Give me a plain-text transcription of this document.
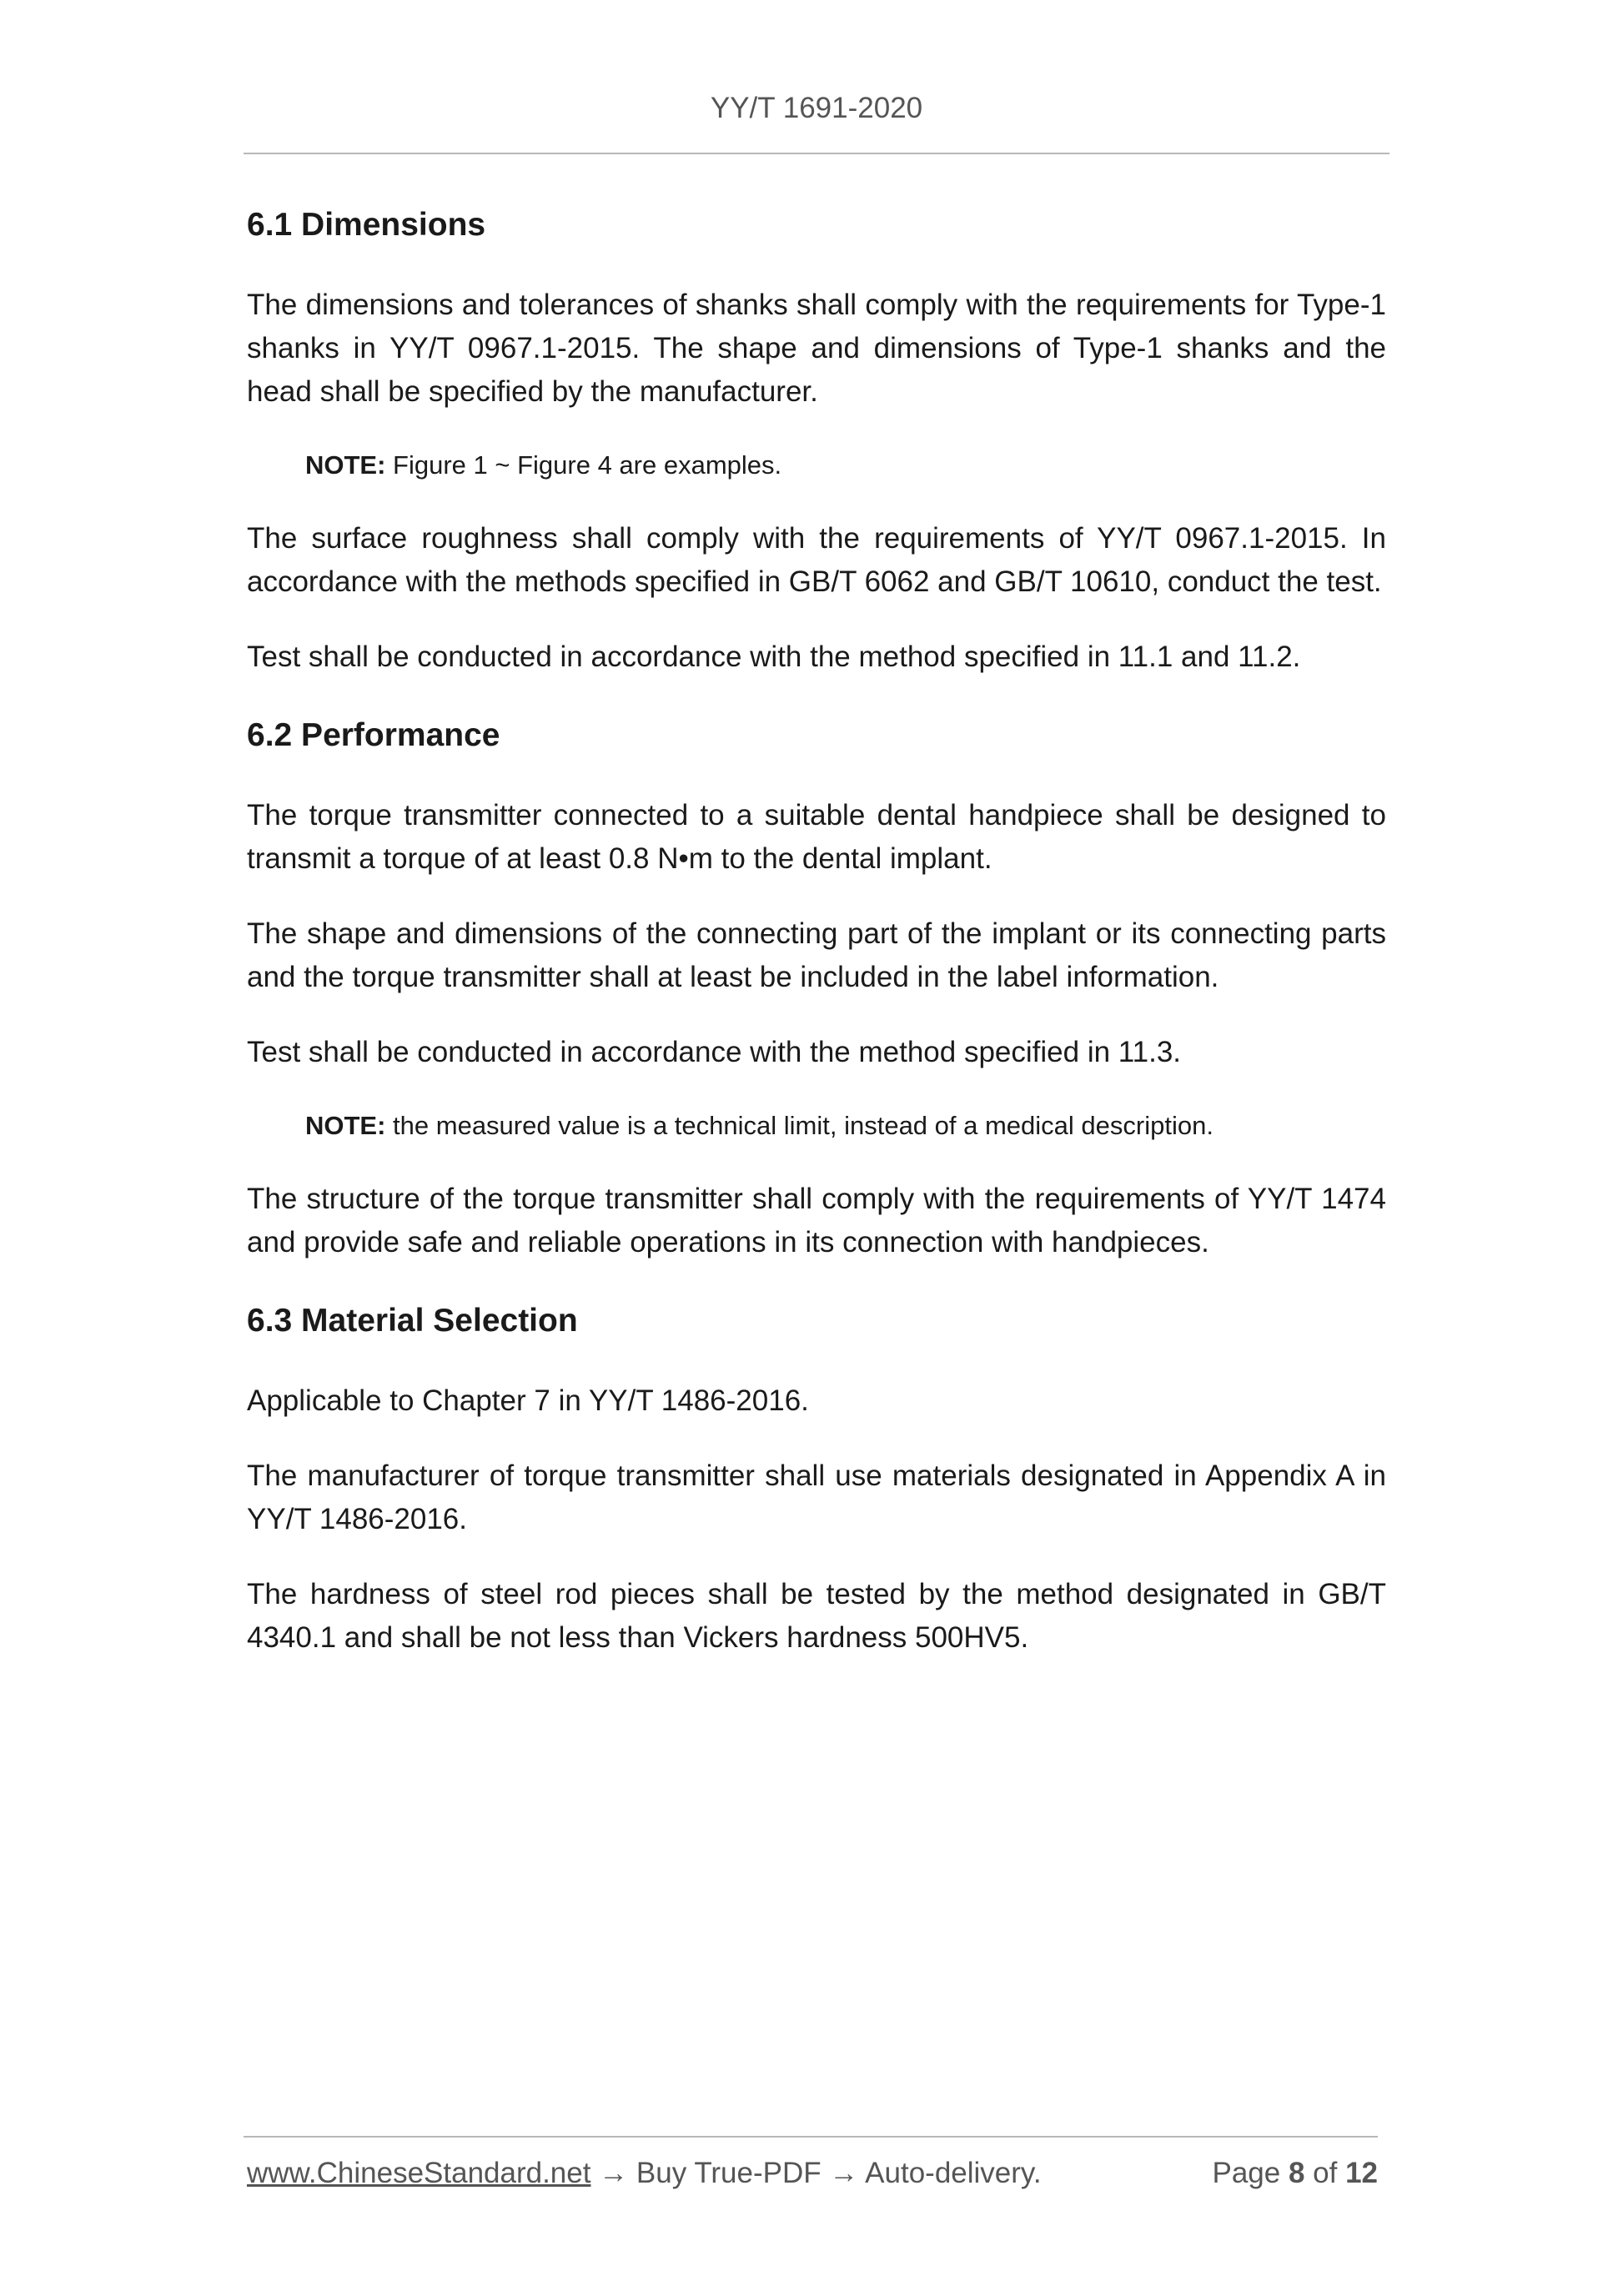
YY/T 1691-2020
6.1 Dimensions

The dimensions and tolerances of shanks shall comply with the requirements for Type-1 shanks in YY/T 0967.1-2015. The shape and dimensions of Type-1 shanks and the head shall be specified by the manufacturer.

NOTE: Figure 1 ~ Figure 4 are examples.

The surface roughness shall comply with the requirements of YY/T 0967.1-2015. In accordance with the methods specified in GB/T 6062 and GB/T 10610, conduct the test.

Test shall be conducted in accordance with the method specified in 11.1 and 11.2.

6.2 Performance

The torque transmitter connected to a suitable dental handpiece shall be designed to transmit a torque of at least 0.8 N•m to the dental implant.

The shape and dimensions of the connecting part of the implant or its connecting parts and the torque transmitter shall at least be included in the label information.

Test shall be conducted in accordance with the method specified in 11.3.

NOTE: the measured value is a technical limit, instead of a medical description.

The structure of the torque transmitter shall comply with the requirements of YY/T 1474 and provide safe and reliable operations in its connection with handpieces.

6.3 Material Selection

Applicable to Chapter 7 in YY/T 1486-2016.

The manufacturer of torque transmitter shall use materials designated in Appendix A in YY/T 1486-2016.

The hardness of steel rod pieces shall be tested by the method designated in GB/T 4340.1 and shall be not less than Vickers hardness 500HV5.

www.ChineseStandard.net → Buy True-PDF → Auto-delivery.	Page 8 of 12
